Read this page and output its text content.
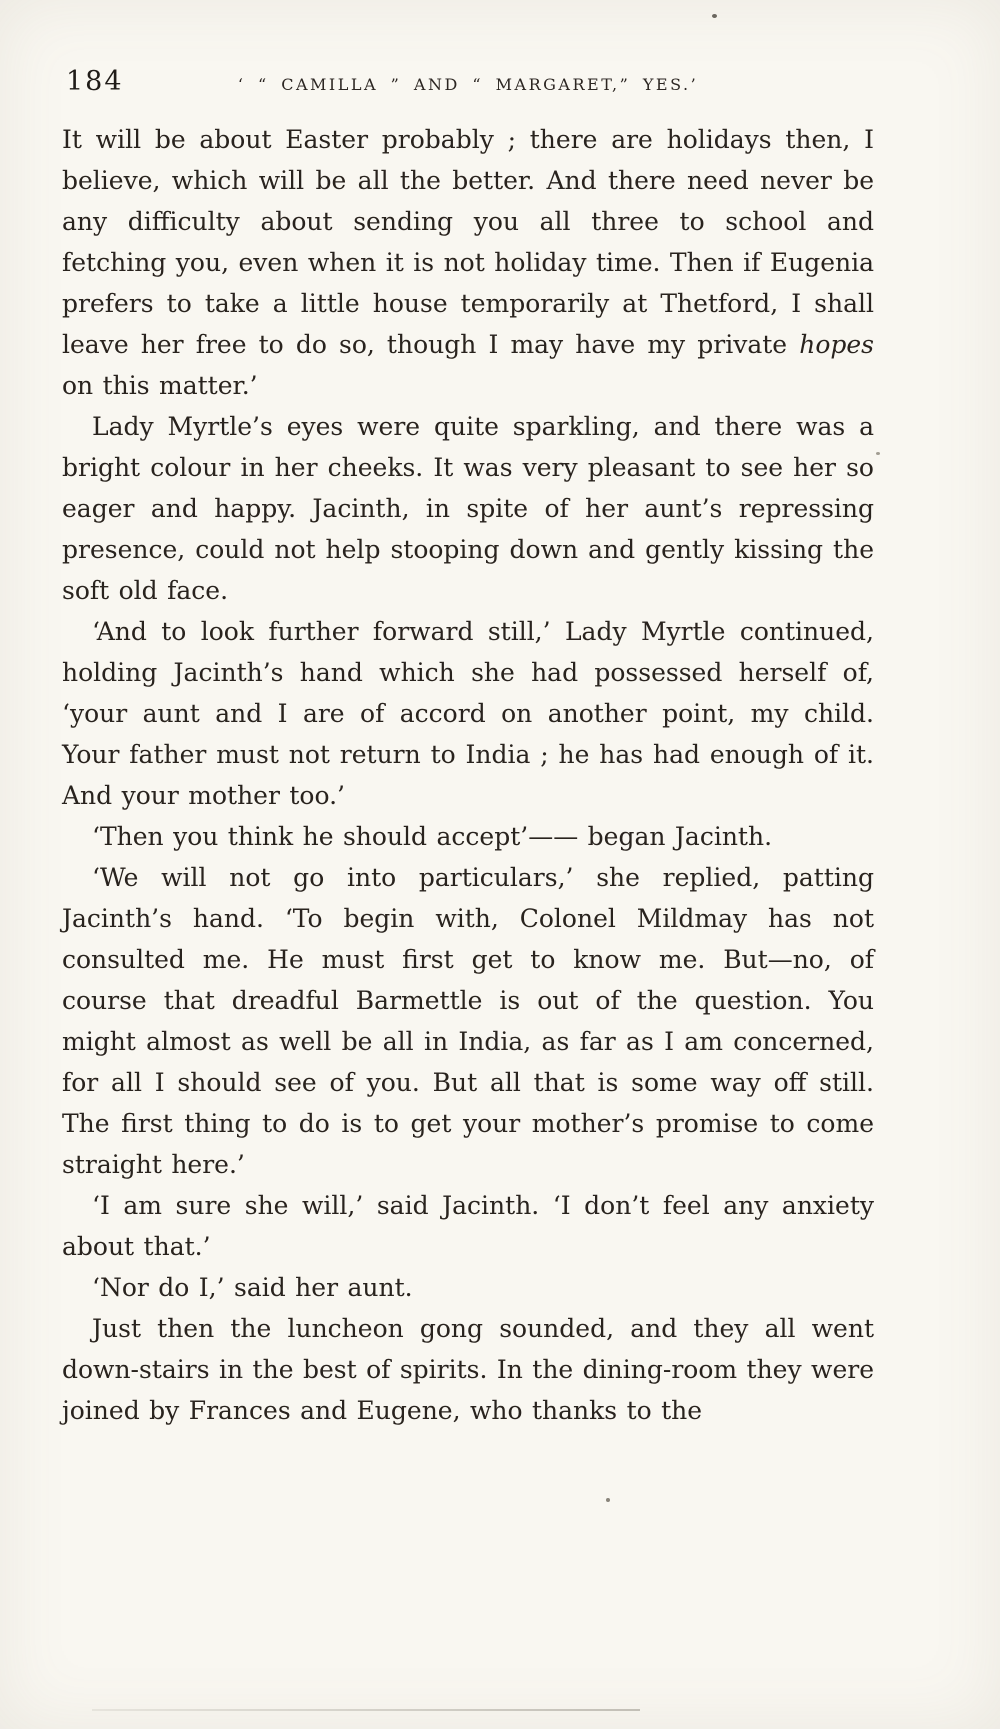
184	‘ “ CAMILLA ” AND “ MARGARET,” YES.’

It will be about Easter probably ; there are holidays then, I believe, which will be all the better. And there need never be any difficulty about sending you all three to school and fetching you, even when it is not holiday time. Then if Eugenia prefers to take a little house temporarily at Thetford, I shall leave her free to do so, though I may have my private hopes on this matter.’

Lady Myrtle’s eyes were quite sparkling, and there was a bright colour in her cheeks. It was very pleasant to see her so eager and happy. Jacinth, in spite of her aunt’s repressing presence, could not help stooping down and gently kissing the soft old face.

‘And to look further forward still,’ Lady Myrtle continued, holding Jacinth’s hand which she had possessed herself of, ‘your aunt and I are of accord on another point, my child. Your father must not return to India ; he has had enough of it. And your mother too.’

‘Then you think he should accept’—— began Jacinth.

‘We will not go into particulars,’ she replied, patting Jacinth’s hand. ‘To begin with, Colonel Mildmay has not consulted me. He must first get to know me. But—no, of course that dreadful Barmettle is out of the question. You might almost as well be all in India, as far as I am concerned, for all I should see of you. But all that is some way off still. The first thing to do is to get your mother’s promise to come straight here.’

‘I am sure she will,’ said Jacinth. ‘I don’t feel any anxiety about that.’

‘Nor do I,’ said her aunt.

Just then the luncheon gong sounded, and they all went down-stairs in the best of spirits. In the dining-room they were joined by Frances and Eugene, who thanks to the
